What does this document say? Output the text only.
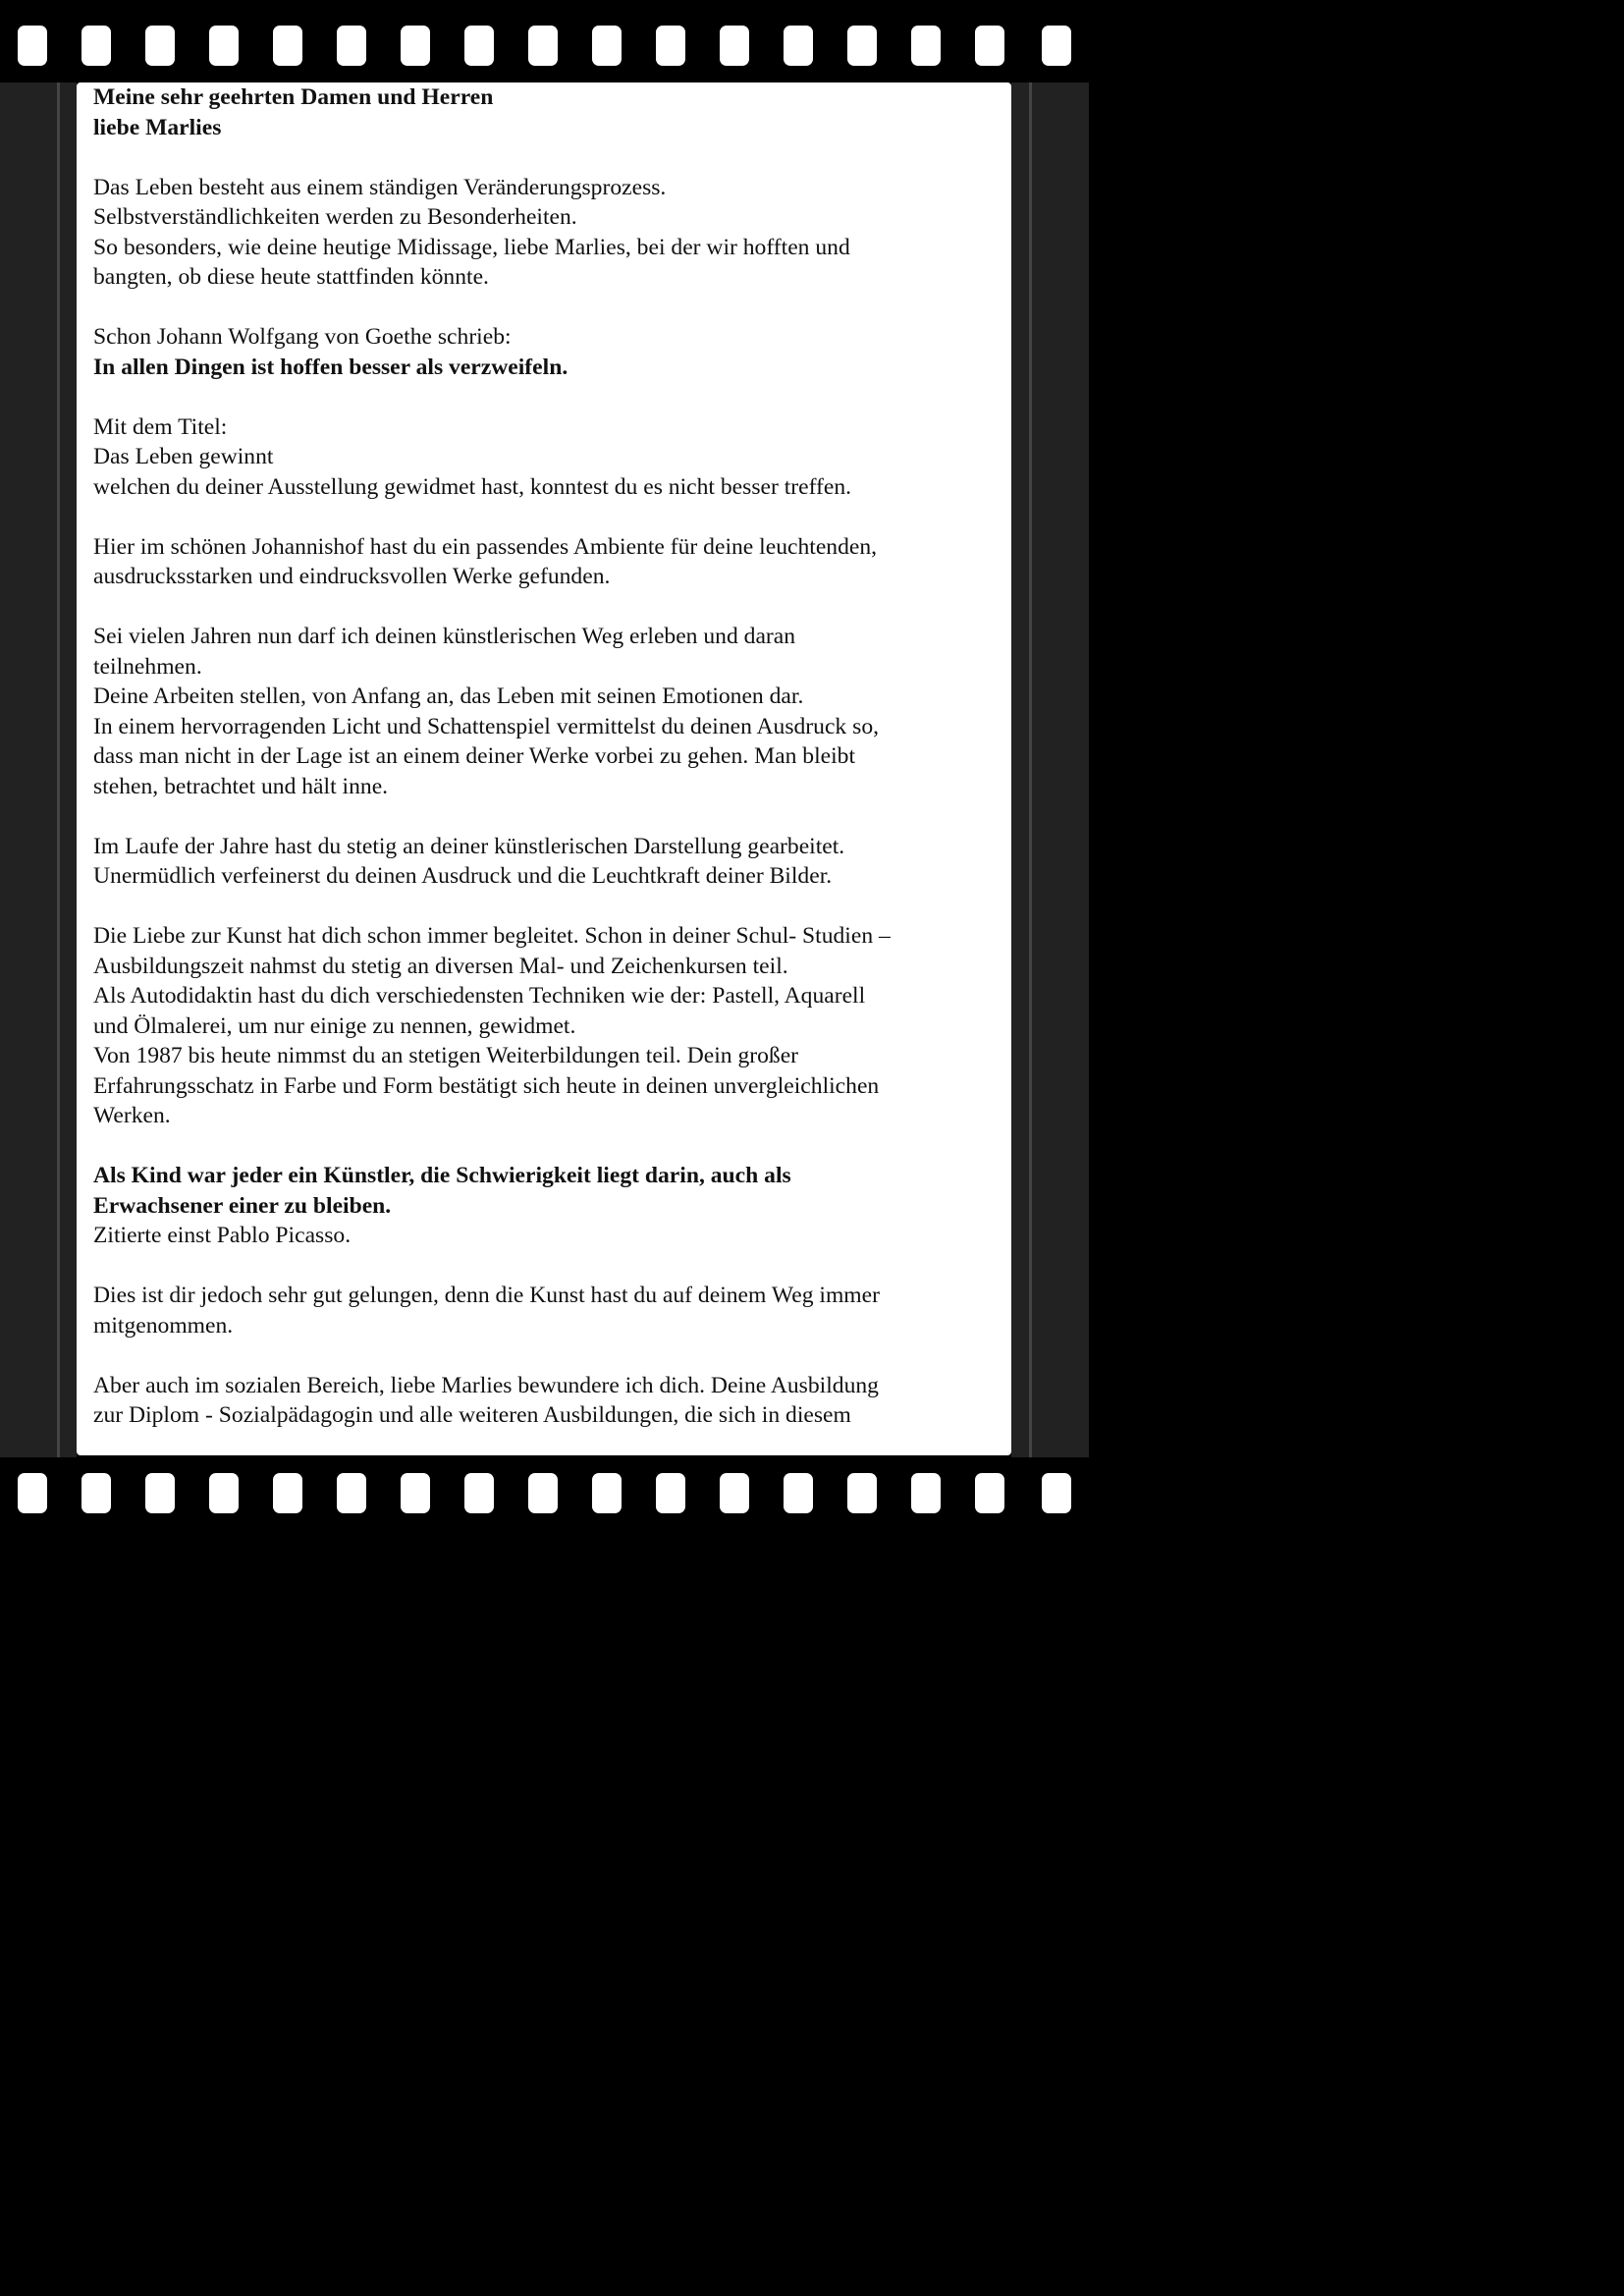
Meine sehr geehrten Damen und Herren
liebe Marlies

Das Leben besteht aus einem ständigen Veränderungsprozess.
Selbstverständlichkeiten werden zu Besonderheiten.
So besonders, wie deine heutige Midissage, liebe Marlies, bei der wir hofften und
bangten, ob diese heute stattfinden könnte.

Schon Johann Wolfgang von Goethe schrieb:
In allen Dingen ist hoffen besser als verzweifeln.

Mit dem Titel:
Das Leben gewinnt
welchen du deiner Ausstellung gewidmet hast, konntest du es nicht besser treffen.

Hier im schönen Johannishof hast du ein passendes Ambiente für deine leuchtenden,
ausdrucksstarken und eindrucksvollen Werke gefunden.

Sei vielen Jahren nun darf ich deinen künstlerischen Weg erleben und daran
teilnehmen.
Deine Arbeiten stellen, von Anfang an, das Leben mit seinen Emotionen dar.
In einem hervorragenden Licht und Schattenspiel vermittelst du deinen Ausdruck so,
dass man nicht in der Lage ist an einem deiner Werke vorbei zu gehen. Man bleibt
stehen, betrachtet und hält inne.

Im Laufe der Jahre hast du stetig an deiner künstlerischen Darstellung gearbeitet.
Unermüdlich verfeinerst du deinen Ausdruck und die Leuchtkraft deiner Bilder.

Die Liebe zur Kunst hat dich schon immer begleitet. Schon in deiner Schul- Studien –
Ausbildungszeit nahmst du stetig an diversen Mal- und Zeichenkursen teil.
Als Autodidaktin hast du dich verschiedensten Techniken wie der: Pastell, Aquarell
und Ölmalerei, um nur einige zu nennen, gewidmet.
Von 1987 bis heute nimmst du an stetigen Weiterbildungen teil. Dein großer
Erfahrungsschatz in Farbe und Form bestätigt sich heute in deinen unvergleichlichen
Werken.

Als Kind war jeder ein Künstler, die Schwierigkeit liegt darin, auch als
Erwachsener einer zu bleiben.
Zitierte einst Pablo Picasso.

Dies ist dir jedoch sehr gut gelungen, denn die Kunst hast du auf deinem Weg immer
mitgenommen.

Aber auch im sozialen Bereich, liebe Marlies bewundere ich dich. Deine Ausbildung
zur Diplom - Sozialpädagogin und alle weiteren Ausbildungen, die sich in diesem
